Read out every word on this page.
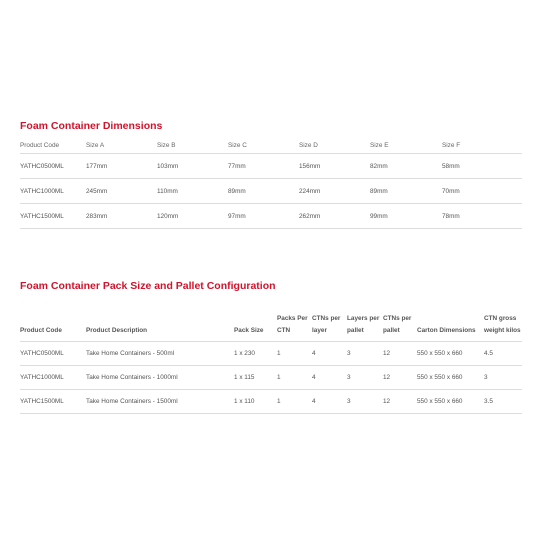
Foam Container Dimensions
Product Code	Size A	Size B	Size C	Size D	Size E	Size F
YATHC0500ML	177mm	103mm	77mm	156mm	82mm	58mm
YATHC1000ML	245mm	110mm	89mm	224mm	89mm	70mm
YATHC1500ML	283mm	120mm	97mm	262mm	99mm	78mm
Foam Container Pack Size and Pallet Configuration
Product Code	Product Description	Pack Size	Packs Per CTN	CTNs per layer	Layers per pallet	CTNs per pallet	Carton Dimensions	CTN gross weight kilos
YATHC0500ML	Take Home Containers - 500ml	1 x 230	1	4	3	12	550 x 550 x 660	4.5
YATHC1000ML	Take Home Containers - 1000ml	1 x 115	1	4	3	12	550 x 550 x 660	3
YATHC1500ML	Take Home Containers - 1500ml	1 x 110	1	4	3	12	550 x 550 x 660	3.5
